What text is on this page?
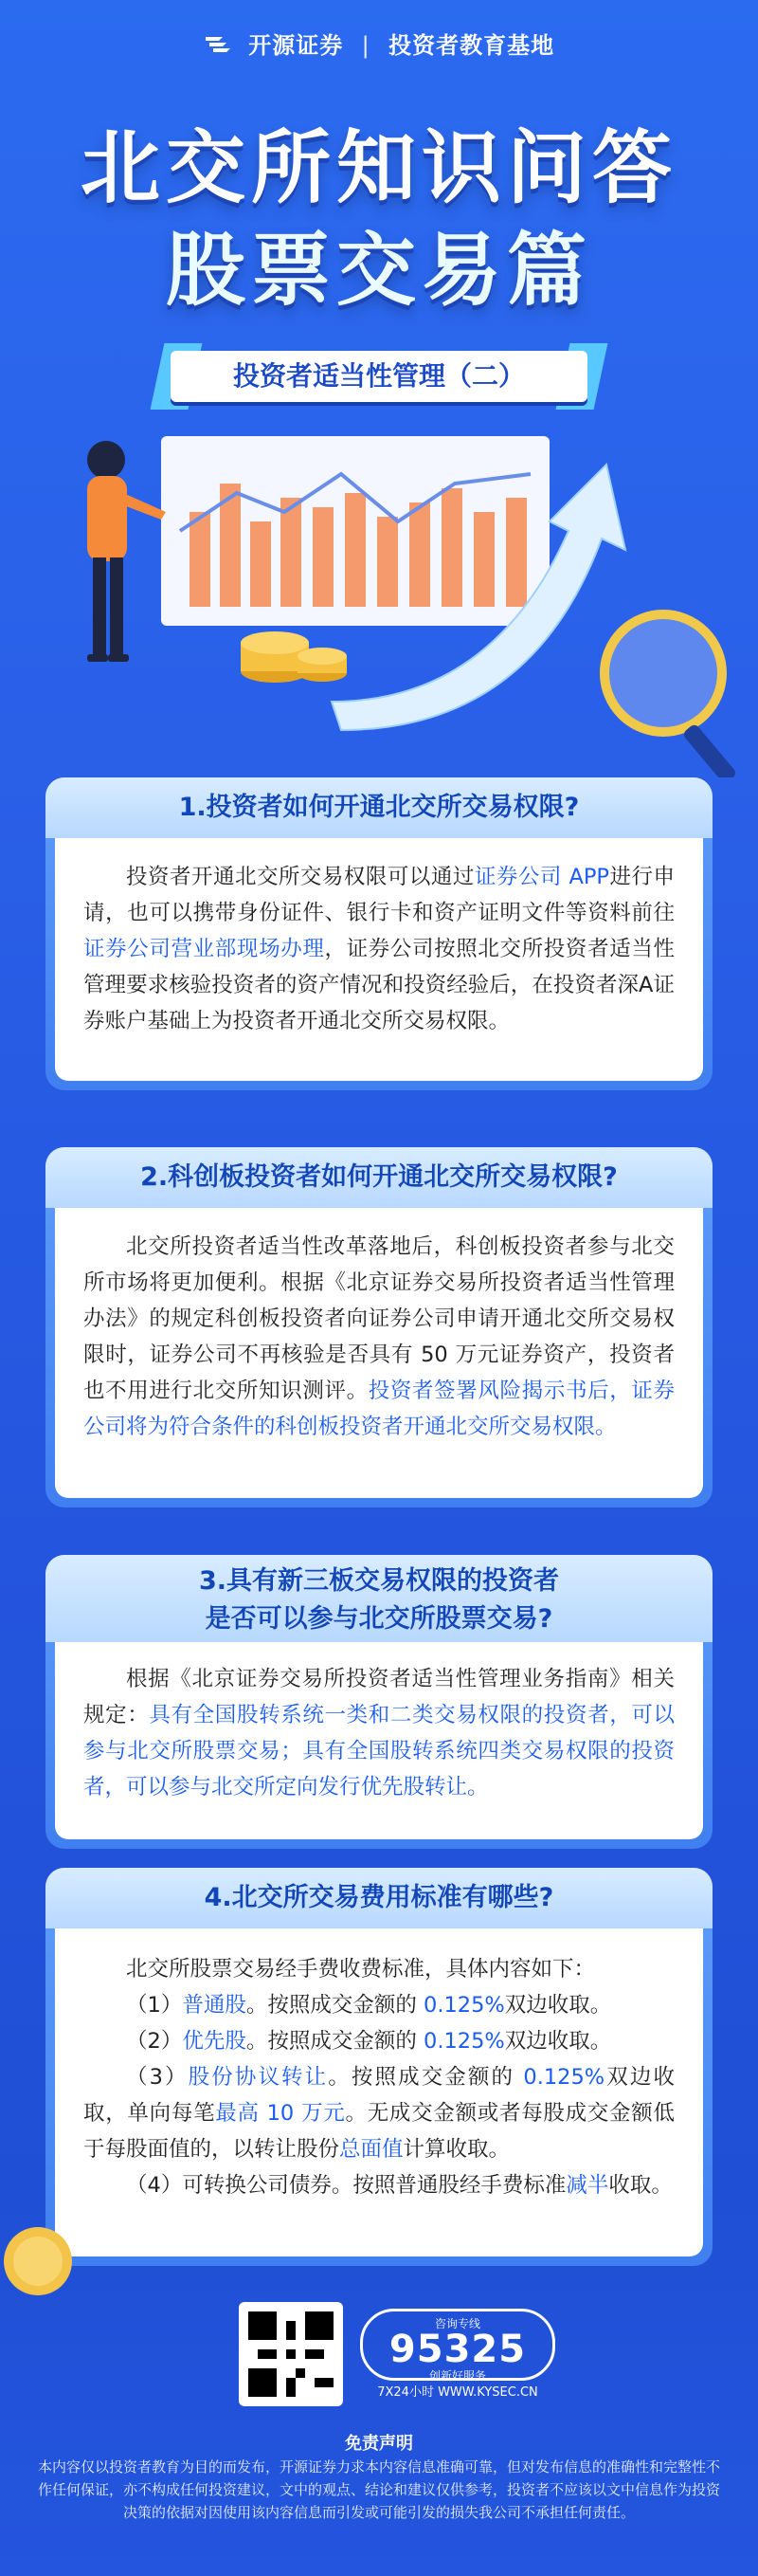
开源证券 | 投资者教育基地
北交所知识问答
股票交易篇
投资者适当性管理（二）
1.投资者如何开通北交所交易权限?

投资者开通北交所交易权限可以通过证券公司 APP进行申请，也可以携带身份证件、银行卡和资产证明文件等资料前往证券公司营业部现场办理，证券公司按照北交所投资者适当性管理要求核验投资者的资产情况和投资经验后，在投资者深A证券账户基础上为投资者开通北交所交易权限。

2.科创板投资者如何开通北交所交易权限?

北交所投资者适当性改革落地后，科创板投资者参与北交所市场将更加便利。根据《北京证券交易所投资者适当性管理办法》的规定科创板投资者向证券公司申请开通北交所交易权限时，证券公司不再核验是否具有 50 万元证券资产，投资者也不用进行北交所知识测评。投资者签署风险揭示书后，证券公司将为符合条件的科创板投资者开通北交所交易权限。

3.具有新三板交易权限的投资者
是否可以参与北交所股票交易?

根据《北京证券交易所投资者适当性管理业务指南》相关规定：具有全国股转系统一类和二类交易权限的投资者，可以参与北交所股票交易；具有全国股转系统四类交易权限的投资者，可以参与北交所定向发行优先股转让。

4.北交所交易费用标准有哪些?

北交所股票交易经手费收费标准，具体内容如下：

（1）普通股。按照成交金额的 0.125%双边收取。

（2）优先股。按照成交金额的 0.125%双边收取。

（3）股份协议转让。按照成交金额的 0.125%双边收取，单向每笔最高 10 万元。无成交金额或者每股成交金额低于每股面值的，以转让股份总面值计算收取。

（4）可转换公司债券。按照普通股经手费标准减半收取。

咨询专线
95325
创新好服务
7X24小时 WWW.KYSEC.CN
免责声明
本内容仅以投资者教育为目的而发布，开源证券力求本内容信息准确可靠，但对发布信息的准确性和完整性不作任何保证，亦不构成任何投资建议，文中的观点、结论和建议仅供参考，投资者不应该以文中信息作为投资决策的依据对因使用该内容信息而引发或可能引发的损失我公司不承担任何责任。
